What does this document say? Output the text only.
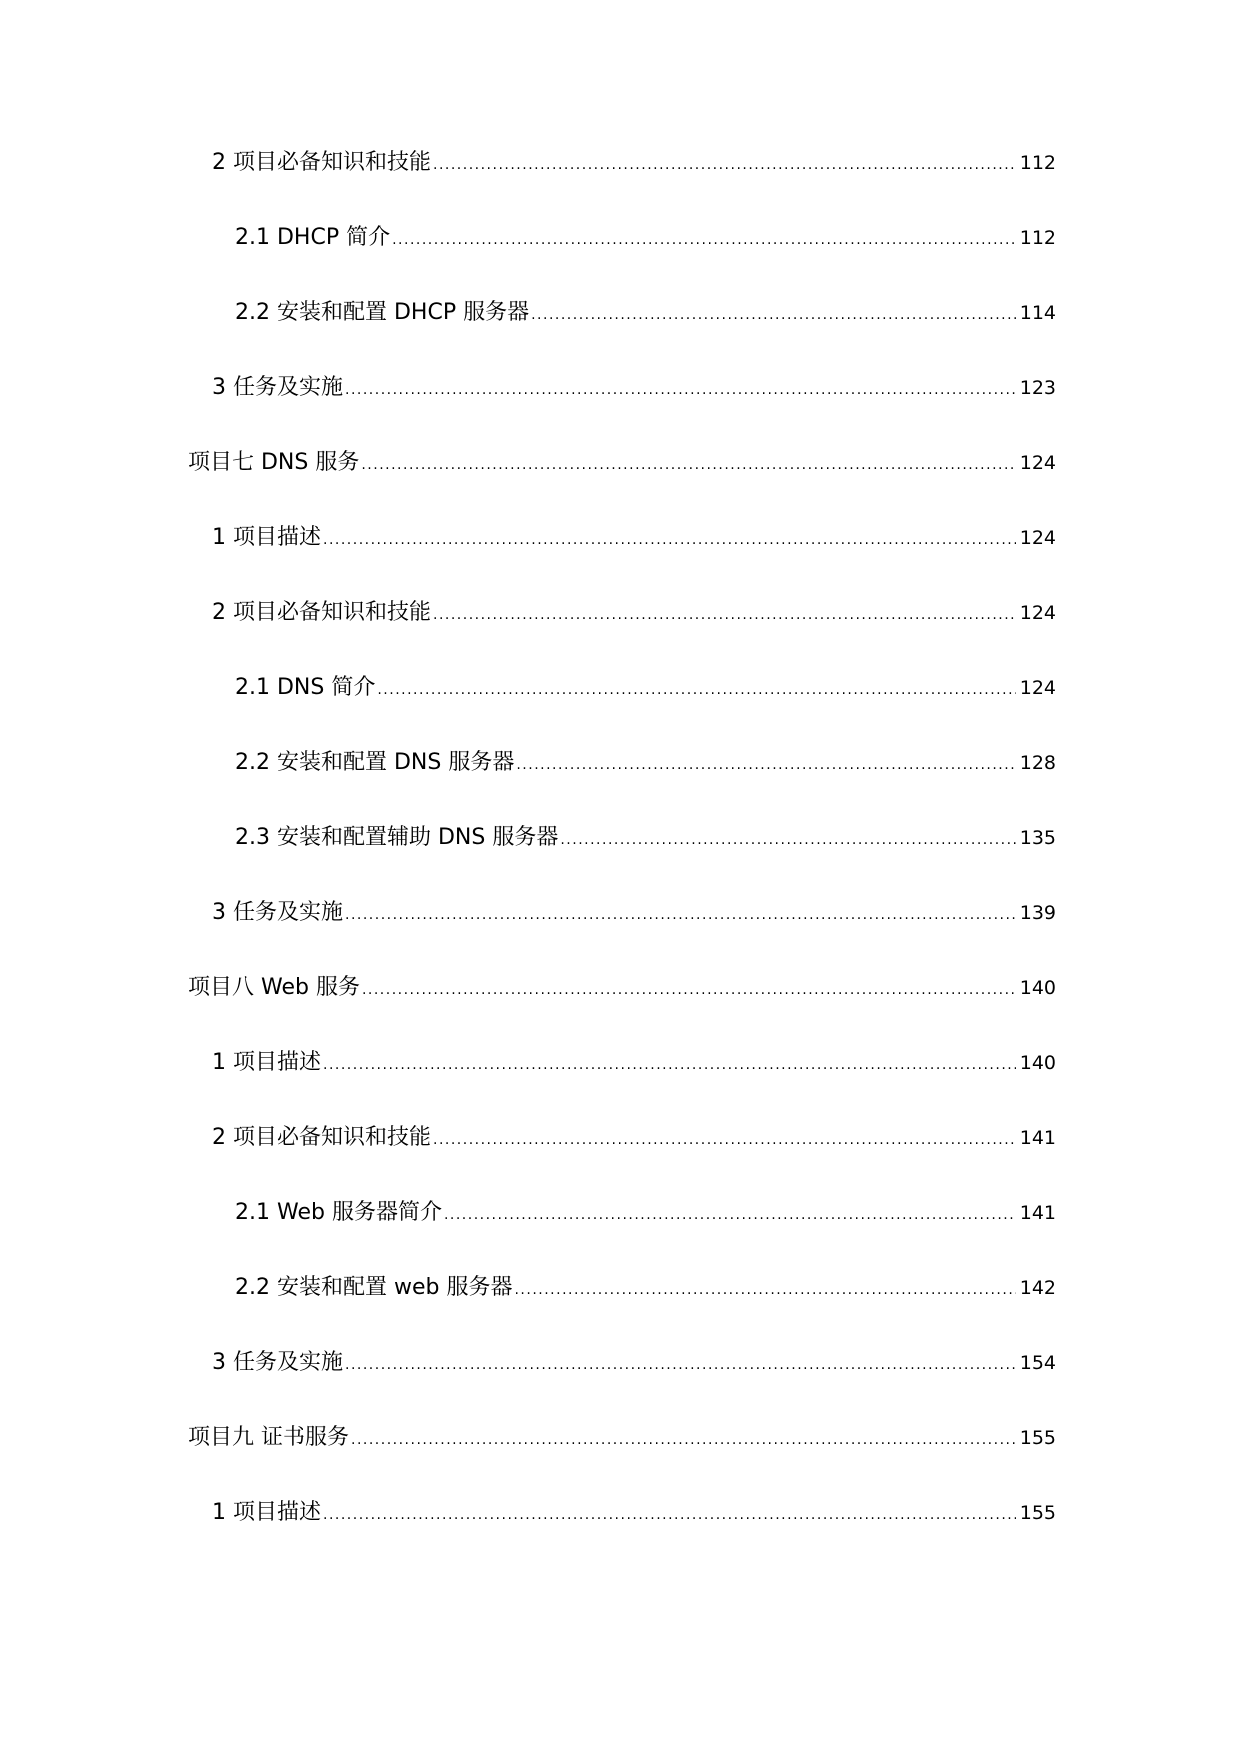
2 项目必备知识和技能 .....	112
2.1 DHCP 简介 .....	112
2.2 安装和配置 DHCP 服务器 .....	114
3 任务及实施 .....	123
项目七 DNS 服务 .....	124
1 项目描述 .....	124
2 项目必备知识和技能 .....	124
2.1 DNS 简介 .....	124
2.2 安装和配置 DNS 服务器 .....	128
2.3 安装和配置辅助 DNS 服务器 .....	135
3 任务及实施 .....	139
项目八 Web 服务 .....	140
1 项目描述 .....	140
2 项目必备知识和技能 .....	141
2.1 Web 服务器简介 .....	141
2.2 安装和配置 web 服务器 .....	142
3 任务及实施 .....	154
项目九 证书服务 .....	155
1 项目描述 .....	155
